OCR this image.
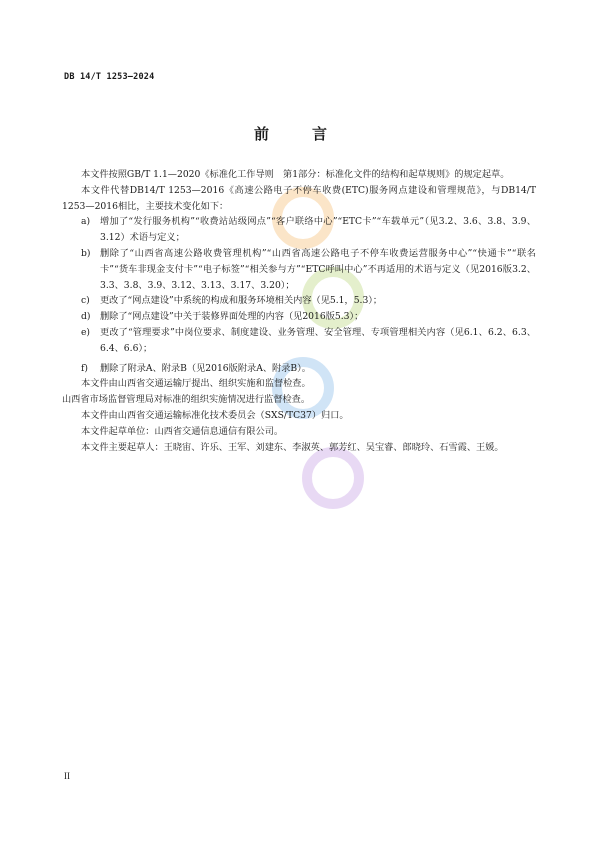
DB 14/T 1253—2024
前　言

本文件按照GB/T 1.1—2020《标准化工作导则　第1部分：标准化文件的结构和起草规则》的规定起草。

本文件代替DB14/T 1253—2016《高速公路电子不停车收费(ETC)服务网点建设和管理规范》，与DB14/T 1253—2016相比，主要技术变化如下：

a) 增加了“发行服务机构”“收费站站级网点”“客户联络中心”“ETC卡”“车载单元”（见3.2、3.6、3.8、3.9、3.12）术语与定义；
b) 删除了“山西省高速公路收费管理机构”“山西省高速公路电子不停车收费运营服务中心”“快通卡”“联名卡”“货车非现金支付卡”“电子标签”“相关参与方”“ETC呼叫中心”不再适用的术语与定义（见2016版3.2、3.3、3.8、3.9、3.12、3.13、3.17、3.20）；
c) 更改了“网点建设”中系统的构成和服务环境相关内容（见5.1，5.3）；
d) 删除了“网点建设”中关于装修界面处理的内容（见2016版5.3）；
e) 更改了“管理要求”中岗位要求、制度建设、业务管理、安全管理、专项管理相关内容（见6.1、6.2、6.3、6.4、6.6）；
f) 删除了附录A、附录B（见2016版附录A、附录B）。

本文件由山西省交通运输厅提出、组织实施和监督检查。

山西省市场监督管理局对标准的组织实施情况进行监督检查。

本文件由山西省交通运输标准化技术委员会（SXS/TC37）归口。

本文件起草单位：山西省交通信息通信有限公司。

本文件主要起草人：王晓宙、许乐、王军、刘建东、李淑英、郭芳红、吴宝睿、郎晓玲、石雪霞、王媛。

II
